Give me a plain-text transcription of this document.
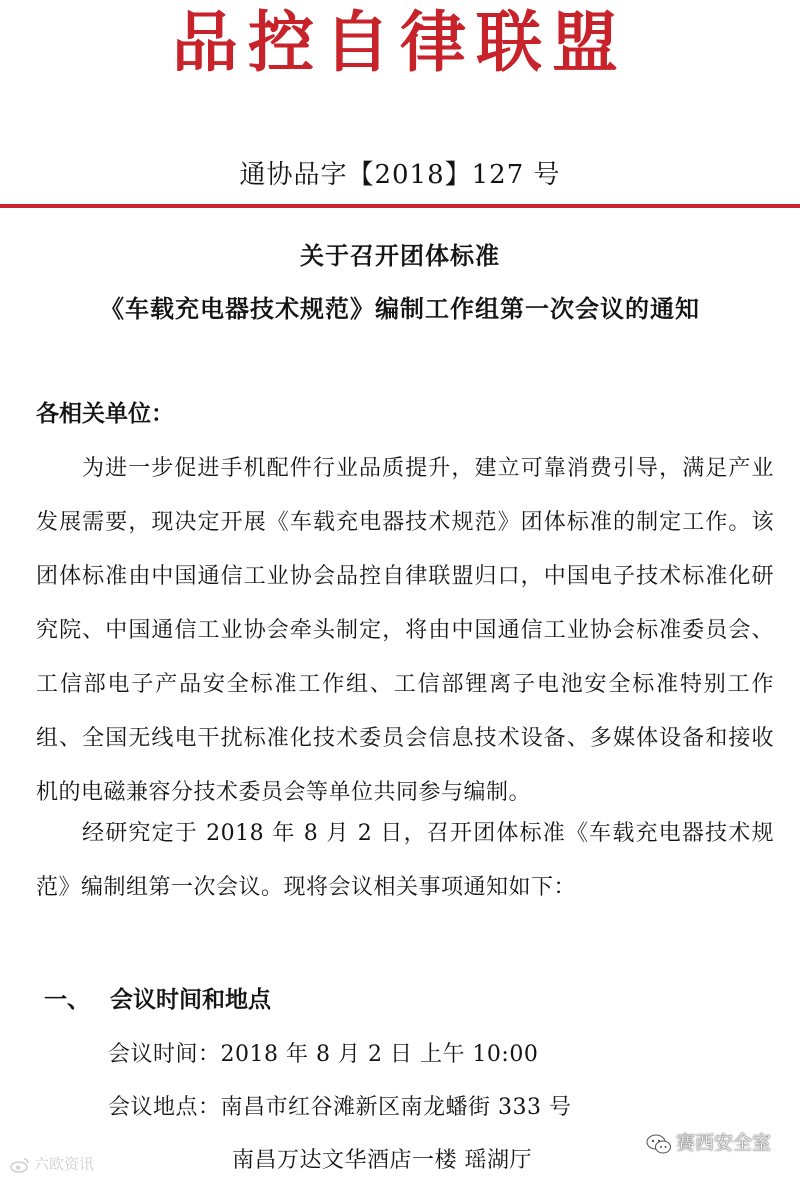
品控自律联盟
通协品字【2018】127 号
关于召开团体标准
《车载充电器技术规范》编制工作组第一次会议的通知
各相关单位：
为进一步促进手机配件行业品质提升，建立可靠消费引导，满足产业发展需要，现决定开展《车载充电器技术规范》团体标准的制定工作。该团体标准由中国通信工业协会品控自律联盟归口，中国电子技术标准化研究院、中国通信工业协会牵头制定，将由中国通信工业协会标准委员会、工信部电子产品安全标准工作组、工信部锂离子电池安全标准特别工作组、全国无线电干扰标准化技术委员会信息技术设备、多媒体设备和接收机的电磁兼容分技术委员会等单位共同参与编制。
经研究定于 2018 年 8 月 2 日，召开团体标准《车载充电器技术规范》编制组第一次会议。现将会议相关事项通知如下：
一、 会议时间和地点
会议时间：2018 年 8 月 2 日 上午 10:00
会议地点：南昌市红谷滩新区南龙蟠街 333 号
南昌万达文华酒店一楼 瑶湖厅
六欧资讯
赛西安全室
